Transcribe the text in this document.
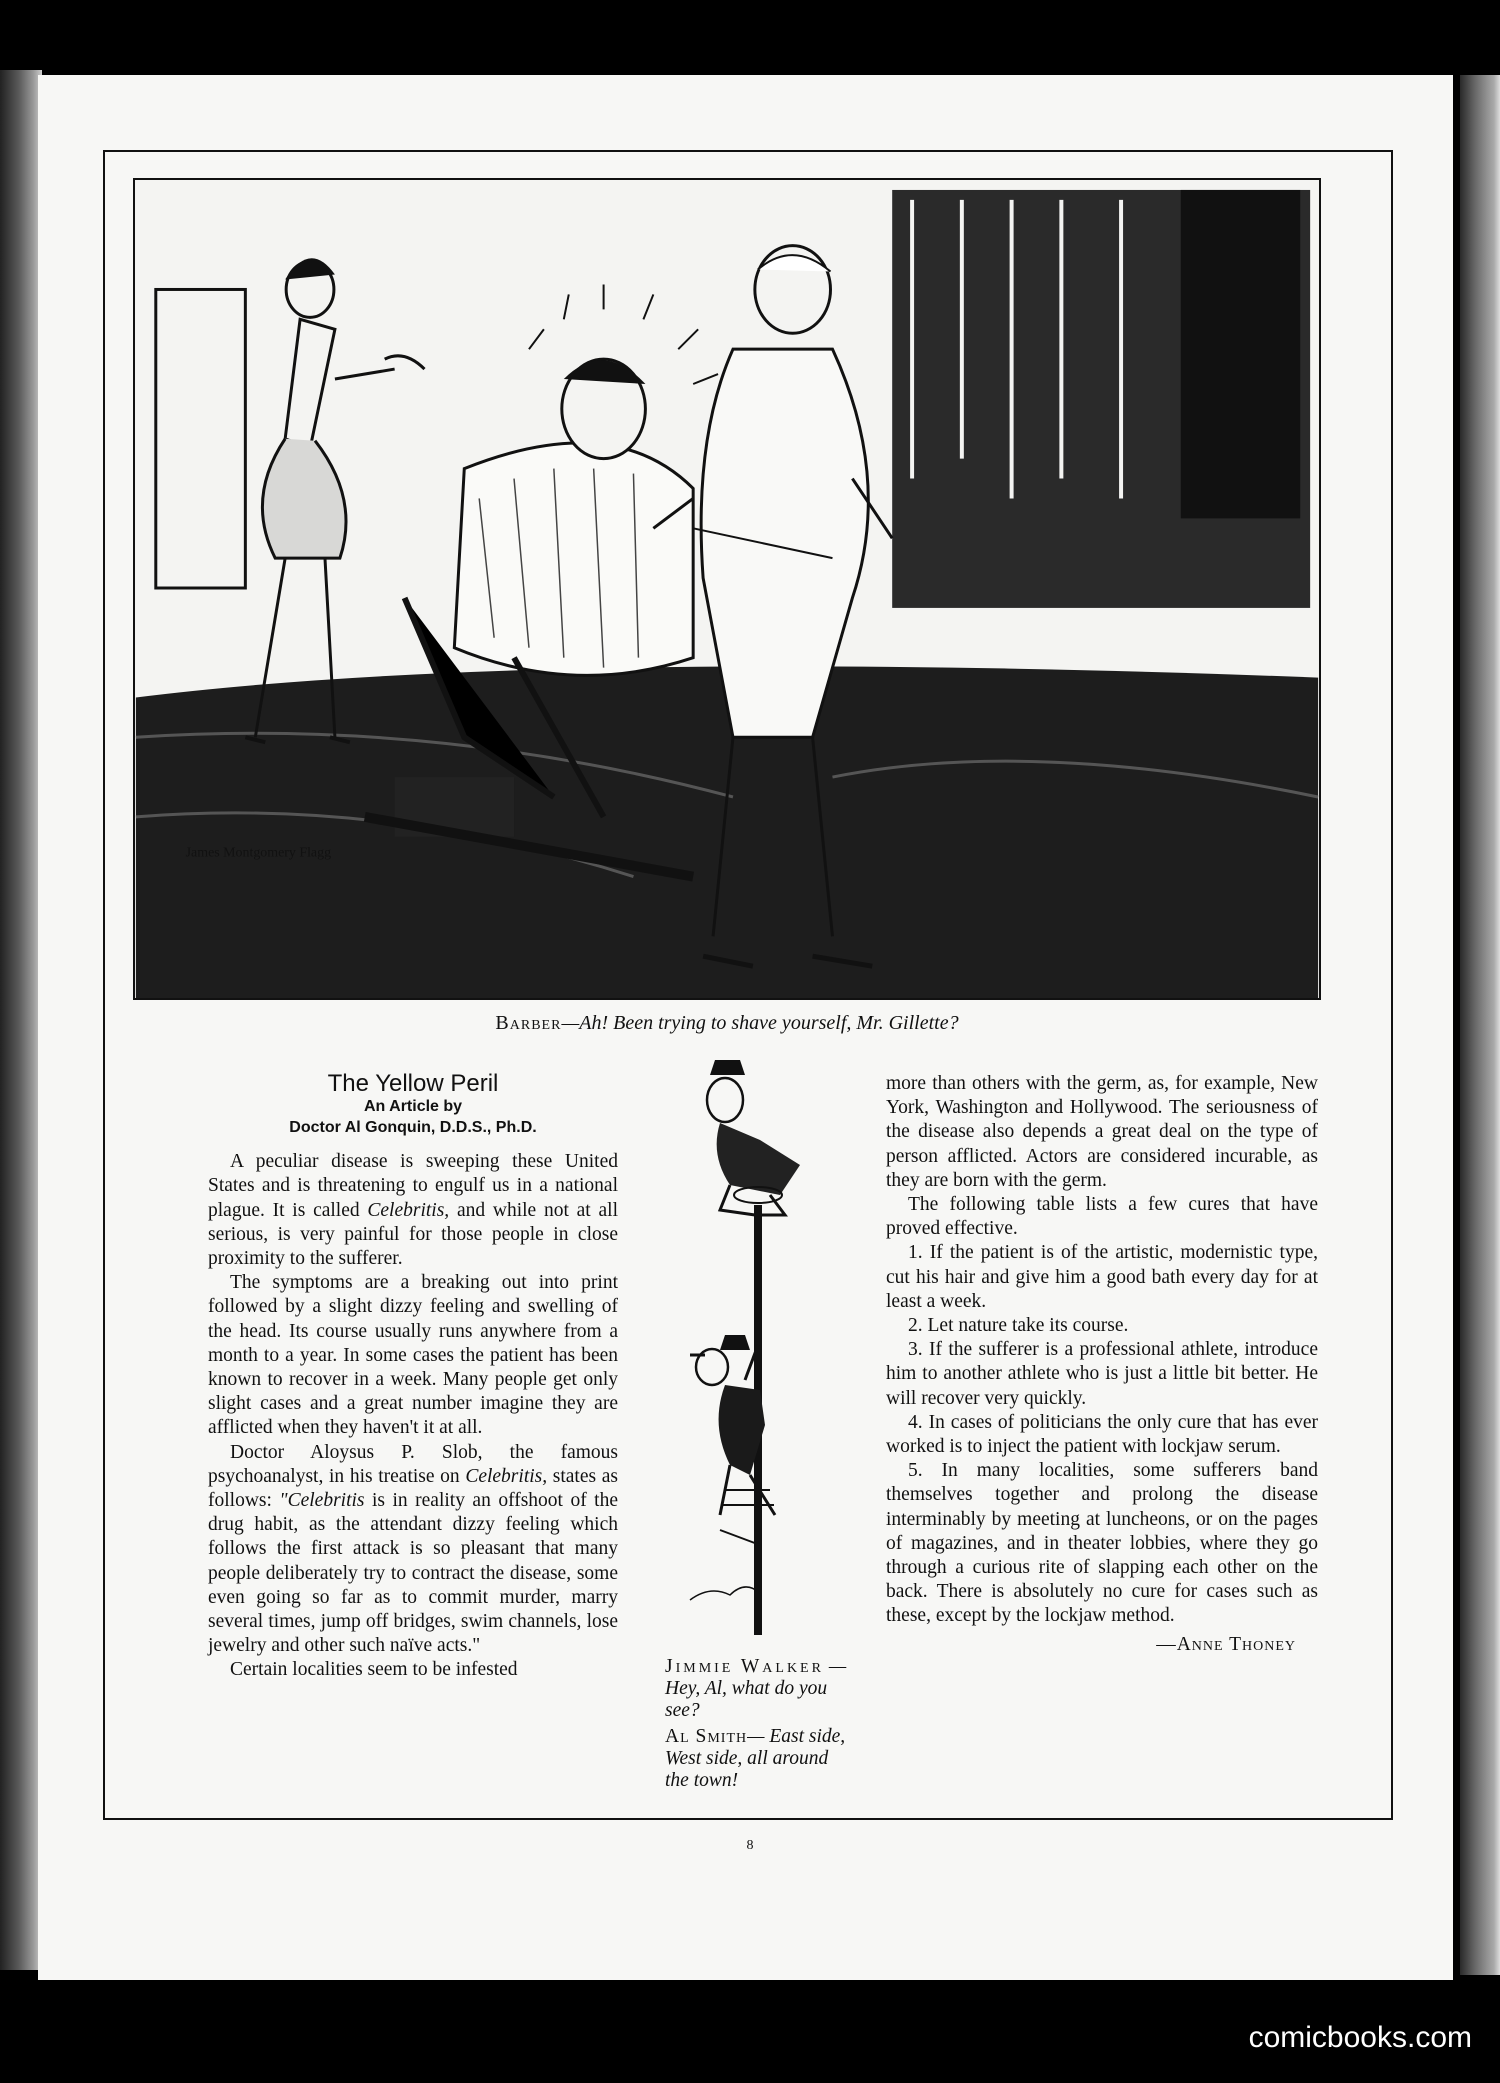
James Montgomery Flagg
Barber—Ah! Been trying to shave yourself, Mr. Gillette?
The Yellow Peril
An Article by
Doctor Al Gonquin, D.D.S., Ph.D.

A peculiar disease is sweeping these United States and is threatening to engulf us in a national plague. It is called Celebritis, and while not at all serious, is very painful for those people in close proximity to the sufferer.

The symptoms are a breaking out into print followed by a slight dizzy feeling and swelling of the head. Its course usually runs anywhere from a month to a year. In some cases the patient has been known to recover in a week. Many people get only slight cases and a great number imagine they are afflicted when they haven't it at all.

Doctor Aloysus P. Slob, the famous psychoanalyst, in his treatise on Celebritis, states as follows: "Celebritis is in reality an offshoot of the drug habit, as the attendant dizzy feeling which follows the first attack is so pleasant that many people deliberately try to contract the disease, some even going so far as to commit murder, marry several times, jump off bridges, swim channels, lose jewelry and other such naïve acts."

Certain localities seem to be infested	Jimmie Walker — Hey, Al, what do you see?

Al Smith— East side, West side, all around the town!

more than others with the germ, as, for example, New York, Washington and Hollywood. The seriousness of the disease also depends a great deal on the type of person afflicted. Actors are considered incurable, as they are born with the germ.

The following table lists a few cures that have proved effective.

1. If the patient is of the artistic, modernistic type, cut his hair and give him a good bath every day for at least a week.

2. Let nature take its course.

3. If the sufferer is a professional athlete, introduce him to another athlete who is just a little bit better. He will recover very quickly.

4. In cases of politicians the only cure that has ever worked is to inject the patient with lockjaw serum.

5. In many localities, some sufferers band themselves together and prolong the disease interminably by meeting at luncheons, or on the pages of magazines, and in theater lobbies, where they go through a curious rite of slapping each other on the back. There is absolutely no cure for cases such as these, except by the lockjaw method.

—Anne Thoney

8
comicbooks.com
